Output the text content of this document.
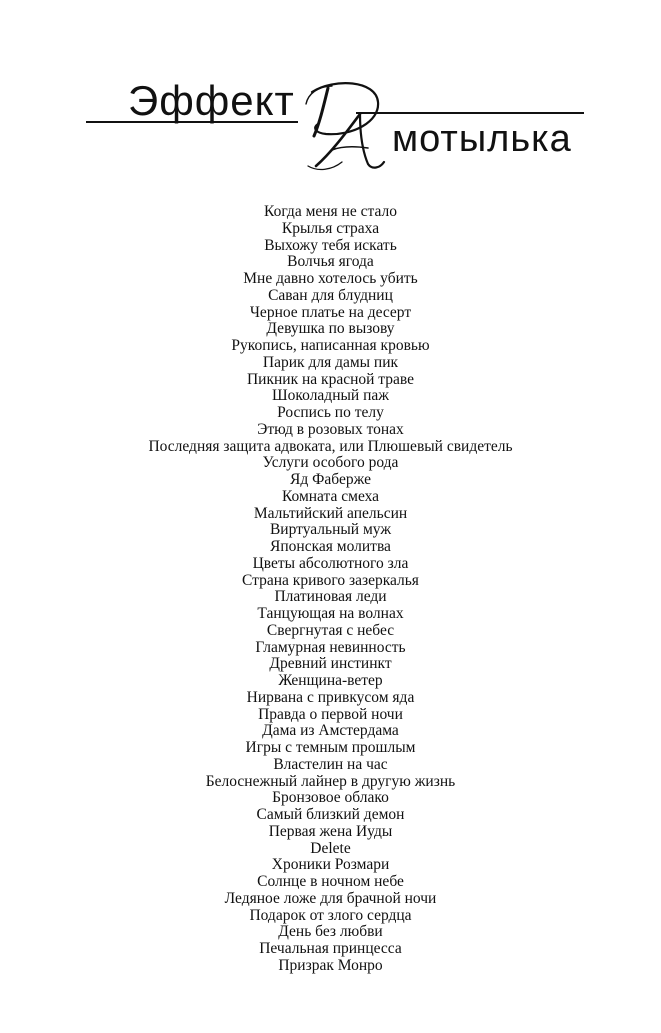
Эффект
мотылька
Когда меня не стало
Крылья страха
Выхожу тебя искать
Волчья ягода
Мне давно хотелось убить
Саван для блудниц
Черное платье на десерт
Девушка по вызову
Рукопись, написанная кровью
Парик для дамы пик
Пикник на красной траве
Шоколадный паж
Роспись по телу
Этюд в розовых тонах
Последняя защита адвоката, или Плюшевый свидетель
Услуги особого рода
Яд Фаберже
Комната смеха
Мальтийский апельсин
Виртуальный муж
Японская молитва
Цветы абсолютного зла
Страна кривого зазеркалья
Платиновая леди
Танцующая на волнах
Свергнутая с небес
Гламурная невинность
Древний инстинкт
Женщина-ветер
Нирвана с привкусом яда
Правда о первой ночи
Дама из Амстердама
Игры с темным прошлым
Властелин на час
Белоснежный лайнер в другую жизнь
Бронзовое облако
Самый близкий демон
Первая жена Иуды
Delete
Хроники Розмари
Солнце в ночном небе
Ледяное ложе для брачной ночи
Подарок от злого сердца
День без любви
Печальная принцесса
Призрак Монро
